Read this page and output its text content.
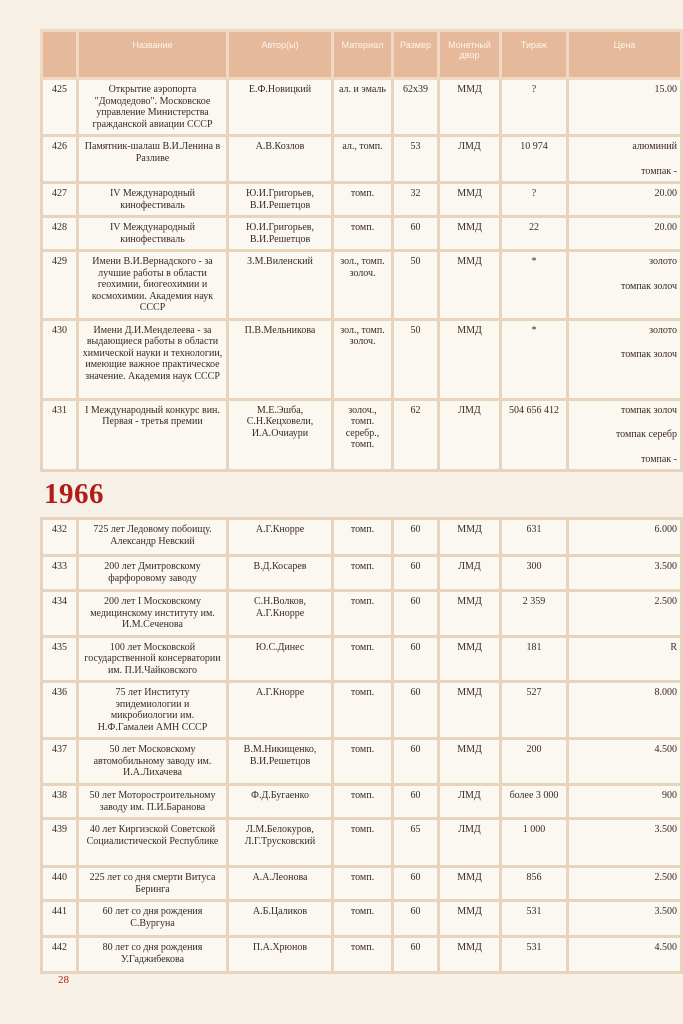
	Название	Автор(ы)	Материал	Размер	Монетный двор	Тираж	Цена
425	Открытие аэропорта "Домодедово". Московское управление Министерства гражданской авиации СССР	Е.Ф.Новицкий	ал. и эмаль	62x39	ММД	?	15.00

426	Памятник-шалаш В.И.Ленина в Разливе	А.В.Козлов	ал., томп.	53	ЛМД	10 974	алюминий
томпак -

427	IV Международный кинофестиваль	Ю.И.Григорьев, В.И.Решетцов	томп.	32	ММД	?	20.00

428	IV Международный кинофестиваль	Ю.И.Григорьев, В.И.Решетцов	томп.	60	ММД	22	20.00

429	Имени В.И.Вернадского - за лучшие работы в области геохимии, биогеохимии и космохимии. Академия наук СССР	З.М.Виленский	зол., томп. золоч.	50	ММД	*	золото
томпак золоч

430	Имени Д.И.Менделеева - за выдающиеся работы в области химической науки и технологии, имеющие важное практическое значение. Академия наук СССР	П.В.Мельникова	зол., томп. золоч.	50	ММД	*	золото
томпак золоч

431	I Международный конкурс вин. Первая - третья премии	М.Е.Эшба, С.Н.Кецховели, И.А.Очиаури	золоч., томп. серебр., томп.	62	ЛМД	504 656 412	томпак золоч
томпак серебр
томпак -
1966
432	725 лет Ледовому побоищу. Александр Невский	А.Г.Кнорре	томп.	60	ММД	631	6.000

433	200 лет Дмитровскому фарфоровому заводу	В.Д.Косарев	томп.	60	ЛМД	300	3.500

434	200 лет I Московскому медицинскому институту им. И.М.Сеченова	С.Н.Волков, А.Г.Кнорре	томп.	60	ММД	2 359	2.500

435	100 лет Московской государственной консерватории им. П.И.Чайковского	Ю.С.Динес	томп.	60	ММД	181	R

436	75 лет Институту эпидемиологии и микробиологии им. Н.Ф.Гамалеи АМН СССР	А.Г.Кнорре	томп.	60	ММД	527	8.000

437	50 лет Московскому автомобильному заводу им. И.А.Лихачева	В.М.Никищенко, В.И.Решетцов	томп.	60	ММД	200	4.500

438	50 лет Моторостроительному заводу им. П.И.Баранова	Ф.Д.Бугаенко	томп.	60	ЛМД	более 3 000	900

439	40 лет Киргизской Советской Социалистической Республике	Л.М.Белокуров, Л.Г.Трусковский	томп.	65	ЛМД	1 000	3.500

440	225 лет со дня смерти Витуса Беринга	А.А.Леонова	томп.	60	ММД	856	2.500

441	60 лет со дня рождения С.Вургуна	А.Б.Цаликов	томп.	60	ММД	531	3.500

442	80 лет со дня рождения У.Гаджибекова	П.А.Хрюнов	томп.	60	ММД	531	4.500
28
